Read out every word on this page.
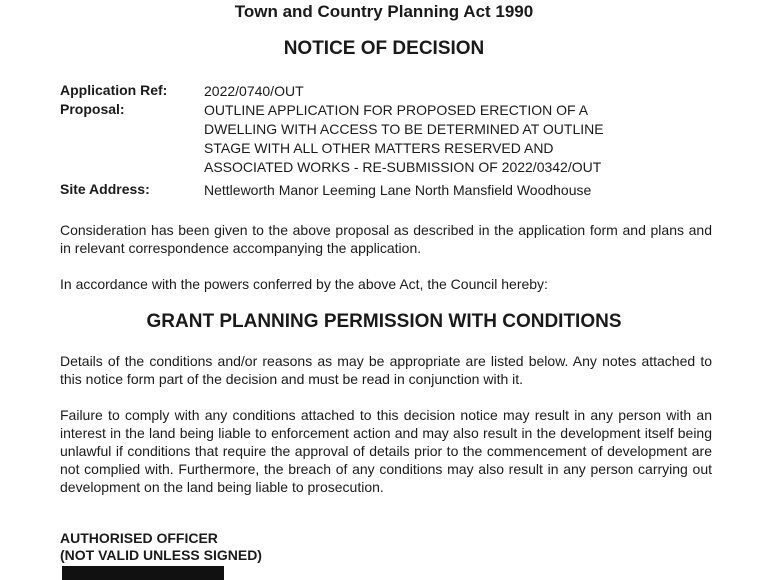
Town and Country Planning Act 1990
NOTICE OF DECISION
Application Ref:	2022/0740/OUT
Proposal:	OUTLINE APPLICATION FOR PROPOSED ERECTION OF A
DWELLING WITH ACCESS TO BE DETERMINED AT OUTLINE
STAGE WITH ALL OTHER MATTERS RESERVED AND
ASSOCIATED WORKS - RE-SUBMISSION OF 2022/0342/OUT
Site Address:	Nettleworth Manor Leeming Lane North Mansfield Woodhouse
Consideration has been given to the above proposal as described in the application form and plans and in relevant correspondence accompanying the application.
In accordance with the powers conferred by the above Act, the Council hereby:
GRANT PLANNING PERMISSION WITH CONDITIONS
Details of the conditions and/or reasons as may be appropriate are listed below. Any notes attached to this notice form part of the decision and must be read in conjunction with it.
Failure to comply with any conditions attached to this decision notice may result in any person with an interest in the land being liable to enforcement action and may also result in the development itself being unlawful if conditions that require the approval of details prior to the commencement of development are not complied with. Furthermore, the breach of any conditions may also result in any person carrying out development on the land being liable to prosecution.
AUTHORISED OFFICER
(NOT VALID UNLESS SIGNED)
